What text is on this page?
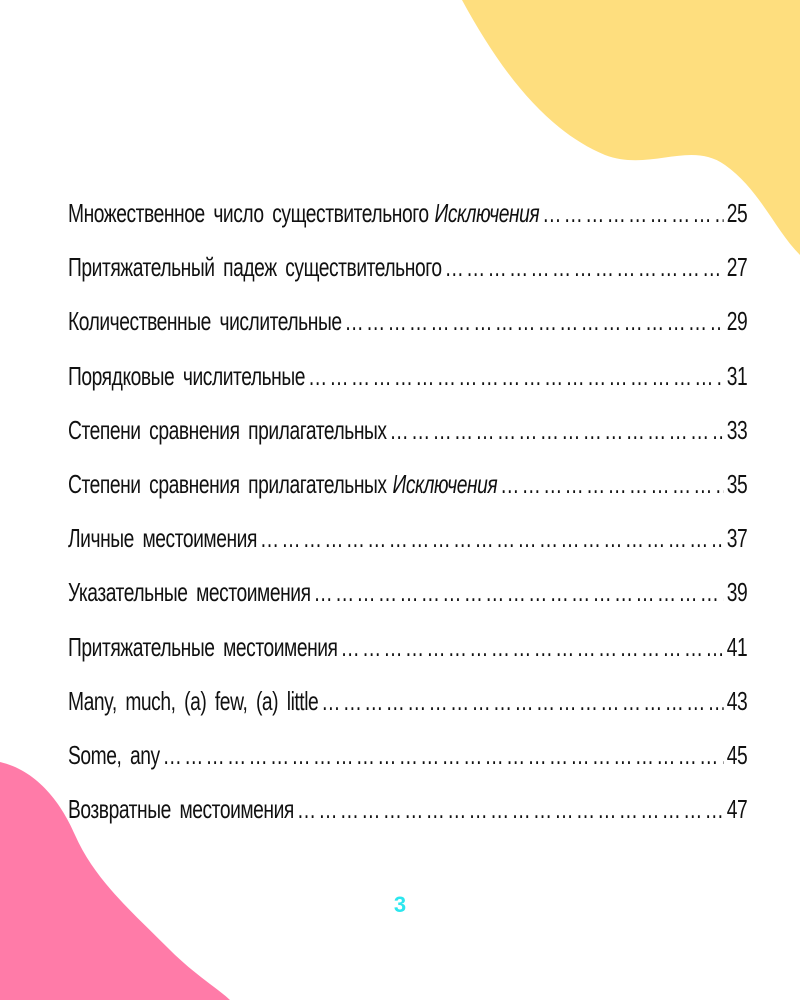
Множественное число существительного Исключения ……………………………………………………………………………………………………………………………………………………………………………………	25
Притяжательный падеж существительного ……………………………………………………………………………………………………………………………………………………………………………………	27
Количественные числительные ……………………………………………………………………………………………………………………………………………………………………………………	29
Порядковые числительные ……………………………………………………………………………………………………………………………………………………………………………………	31
Степени сравнения прилагательных ……………………………………………………………………………………………………………………………………………………………………………………	33
Степени сравнения прилагательных Исключения ……………………………………………………………………………………………………………………………………………………………………………………	35
Личные местоимения ……………………………………………………………………………………………………………………………………………………………………………………	37
Указательные местоимения ……………………………………………………………………………………………………………………………………………………………………………………	39
Притяжательные местоимения ……………………………………………………………………………………………………………………………………………………………………………………	41
Many, much, (a) few, (a) little ……………………………………………………………………………………………………………………………………………………………………………………	43
Some, any ……………………………………………………………………………………………………………………………………………………………………………………	45
Возвратные местоимения ……………………………………………………………………………………………………………………………………………………………………………………	47
3
